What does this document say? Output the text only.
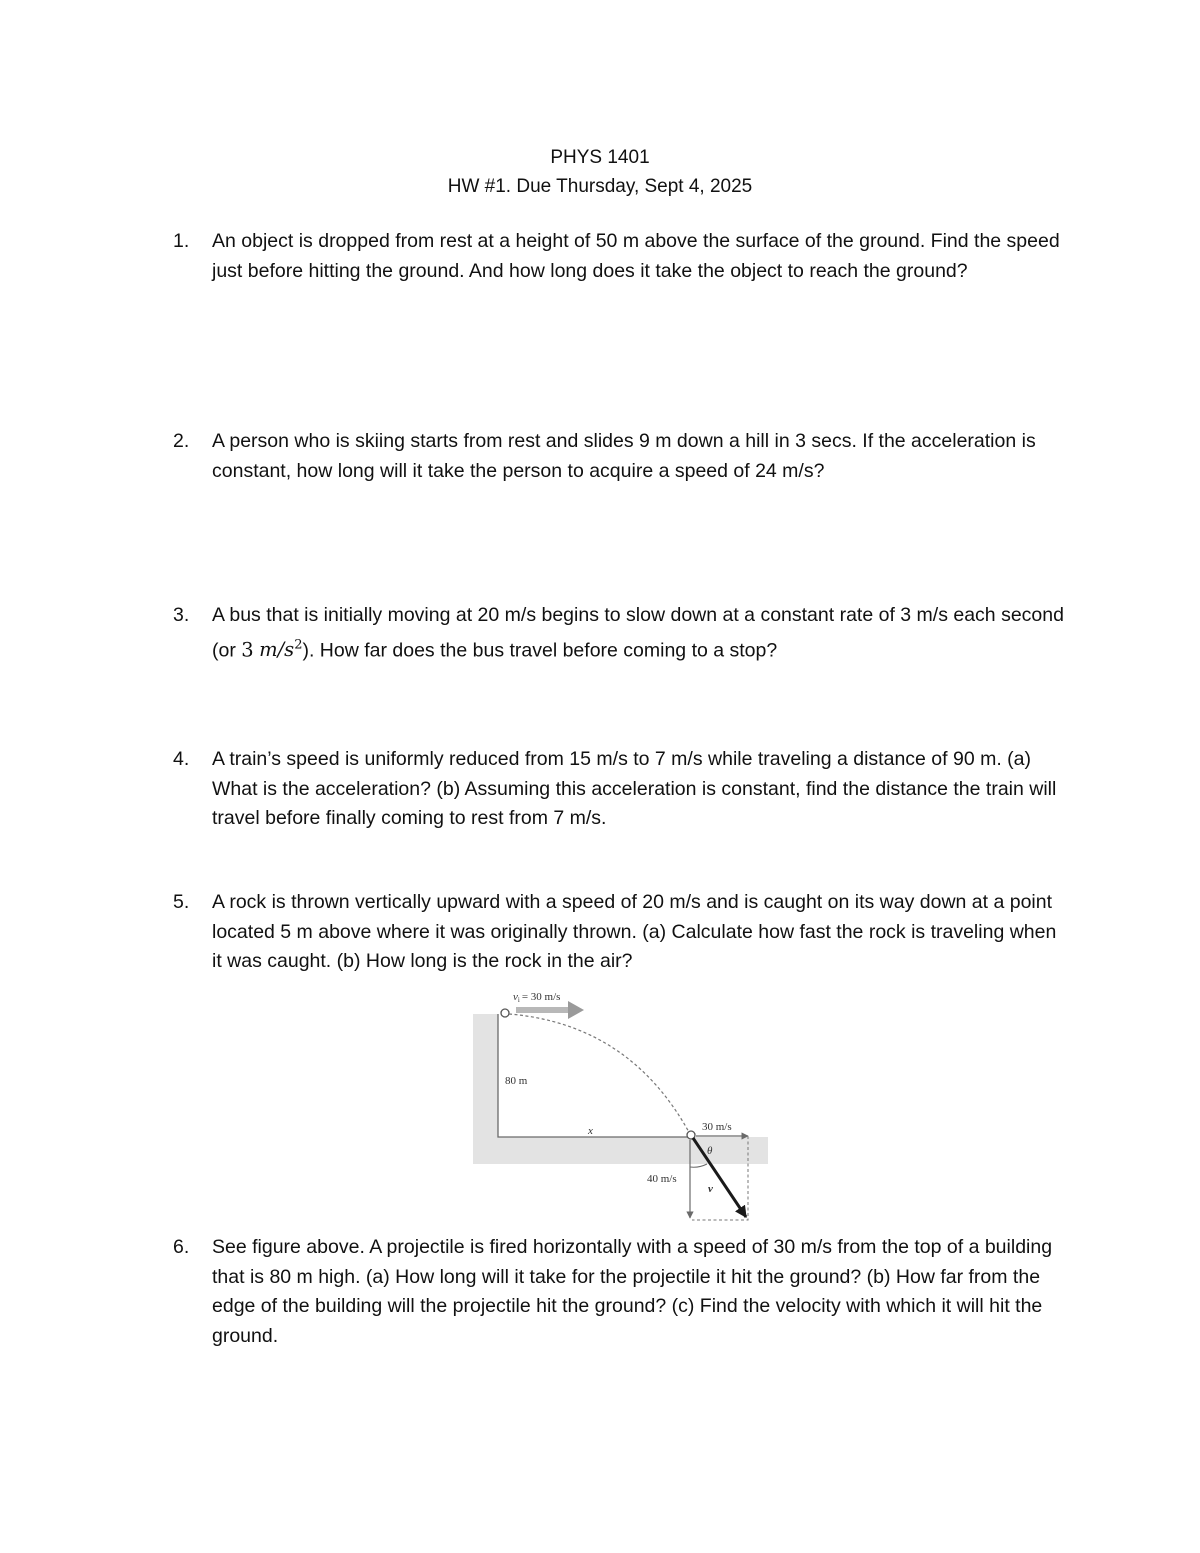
PHYS 1401
HW #1. Due Thursday, Sept 4, 2025
1.	An object is dropped from rest at a height of 50 m above the surface of the ground. Find the speed just before hitting the ground. And how long does it take the object to reach the ground?
2.	A person who is skiing starts from rest and slides 9 m down a hill in 3 secs. If the acceleration is constant, how long will it take the person to acquire a speed of 24 m/s?
3.	A bus that is initially moving at 20 m/s begins to slow down at a constant rate of 3 m/s each second (or 3 $m/s^2$). How far does the bus travel before coming to a stop?
4.	A train’s speed is uniformly reduced from 15 m/s to 7 m/s while traveling a distance of 90 m. (a) What is the acceleration? (b) Assuming this acceleration is constant, find the distance the train will travel before finally coming to rest from 7 m/s.
5.	A rock is thrown vertically upward with a speed of 20 m/s and is caught on its way down at a point located 5 m above where it was originally thrown. (a) Calculate how fast the rock is traveling when it was caught. (b) How long is the rock in the air?
vi = 30 m/s
80 m
x	30 m/s
θ
40 m/s
v
6.	See figure above. A projectile is fired horizontally with a speed of 30 m/s from the top of a building that is 80 m high. (a) How long will it take for the projectile it hit the ground? (b) How far from the edge of the building will the projectile hit the ground? (c) Find the velocity with which it will hit the ground.
